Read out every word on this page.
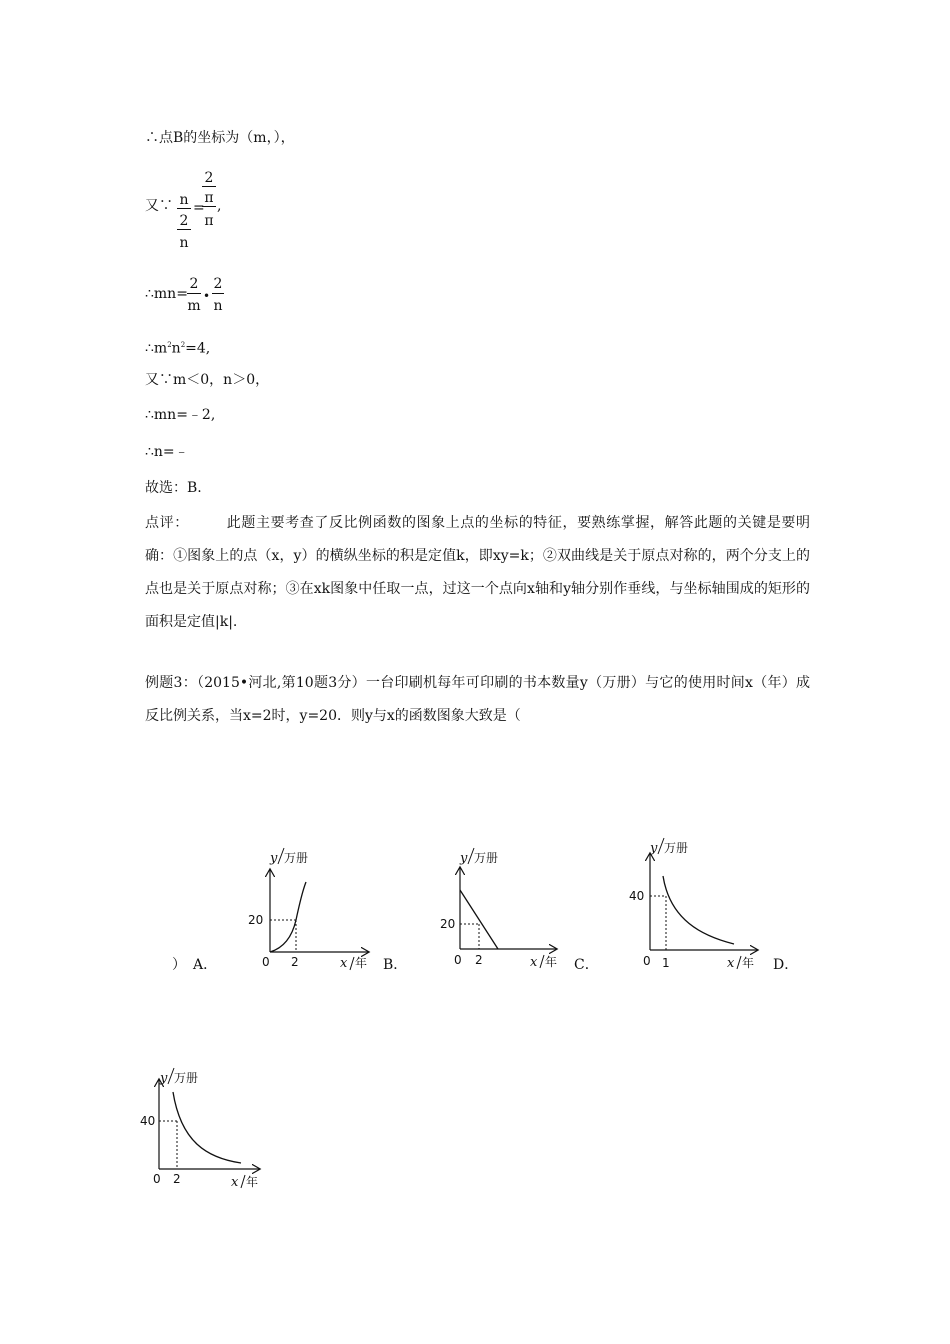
∴点B的坐标为（m，），
又∵ n
2
n
=
2
π
π
,
∴mn=
2
m
•
2
n
$\therefore m^2n^2=4$,
又∵m＜0，n＞0，
∴mn=﹣2,
∴n=﹣
故选：B.
点评：	此题主要考查了反比例函数的图象上点的坐标的特征，要熟练掌握，解答此题的关键是要明确：①图象上的点（x，y）的横纵坐标的积是定值k，即xy=k；②双曲线是关于原点对称的，两个分支上的点也是关于原点对称；③在xk图象中任取一点，过这一个点向x轴和y轴分别作垂线，与坐标轴围成的矩形的面积是定值|k|.
例题3：（2015•河北,第10题3分）一台印刷机每年可印刷的书本数量y（万册）与它的使用时间x（年）成反比例关系，当x=2时，y=20．则y与x的函数图象大致是（
） A．	B．	C．	D．
y 万册
20
0 2	x 年
y 万册
20
0 2	x 年
y 万册
40
0 1	x 年
y 万册
40
0 2	x 年
